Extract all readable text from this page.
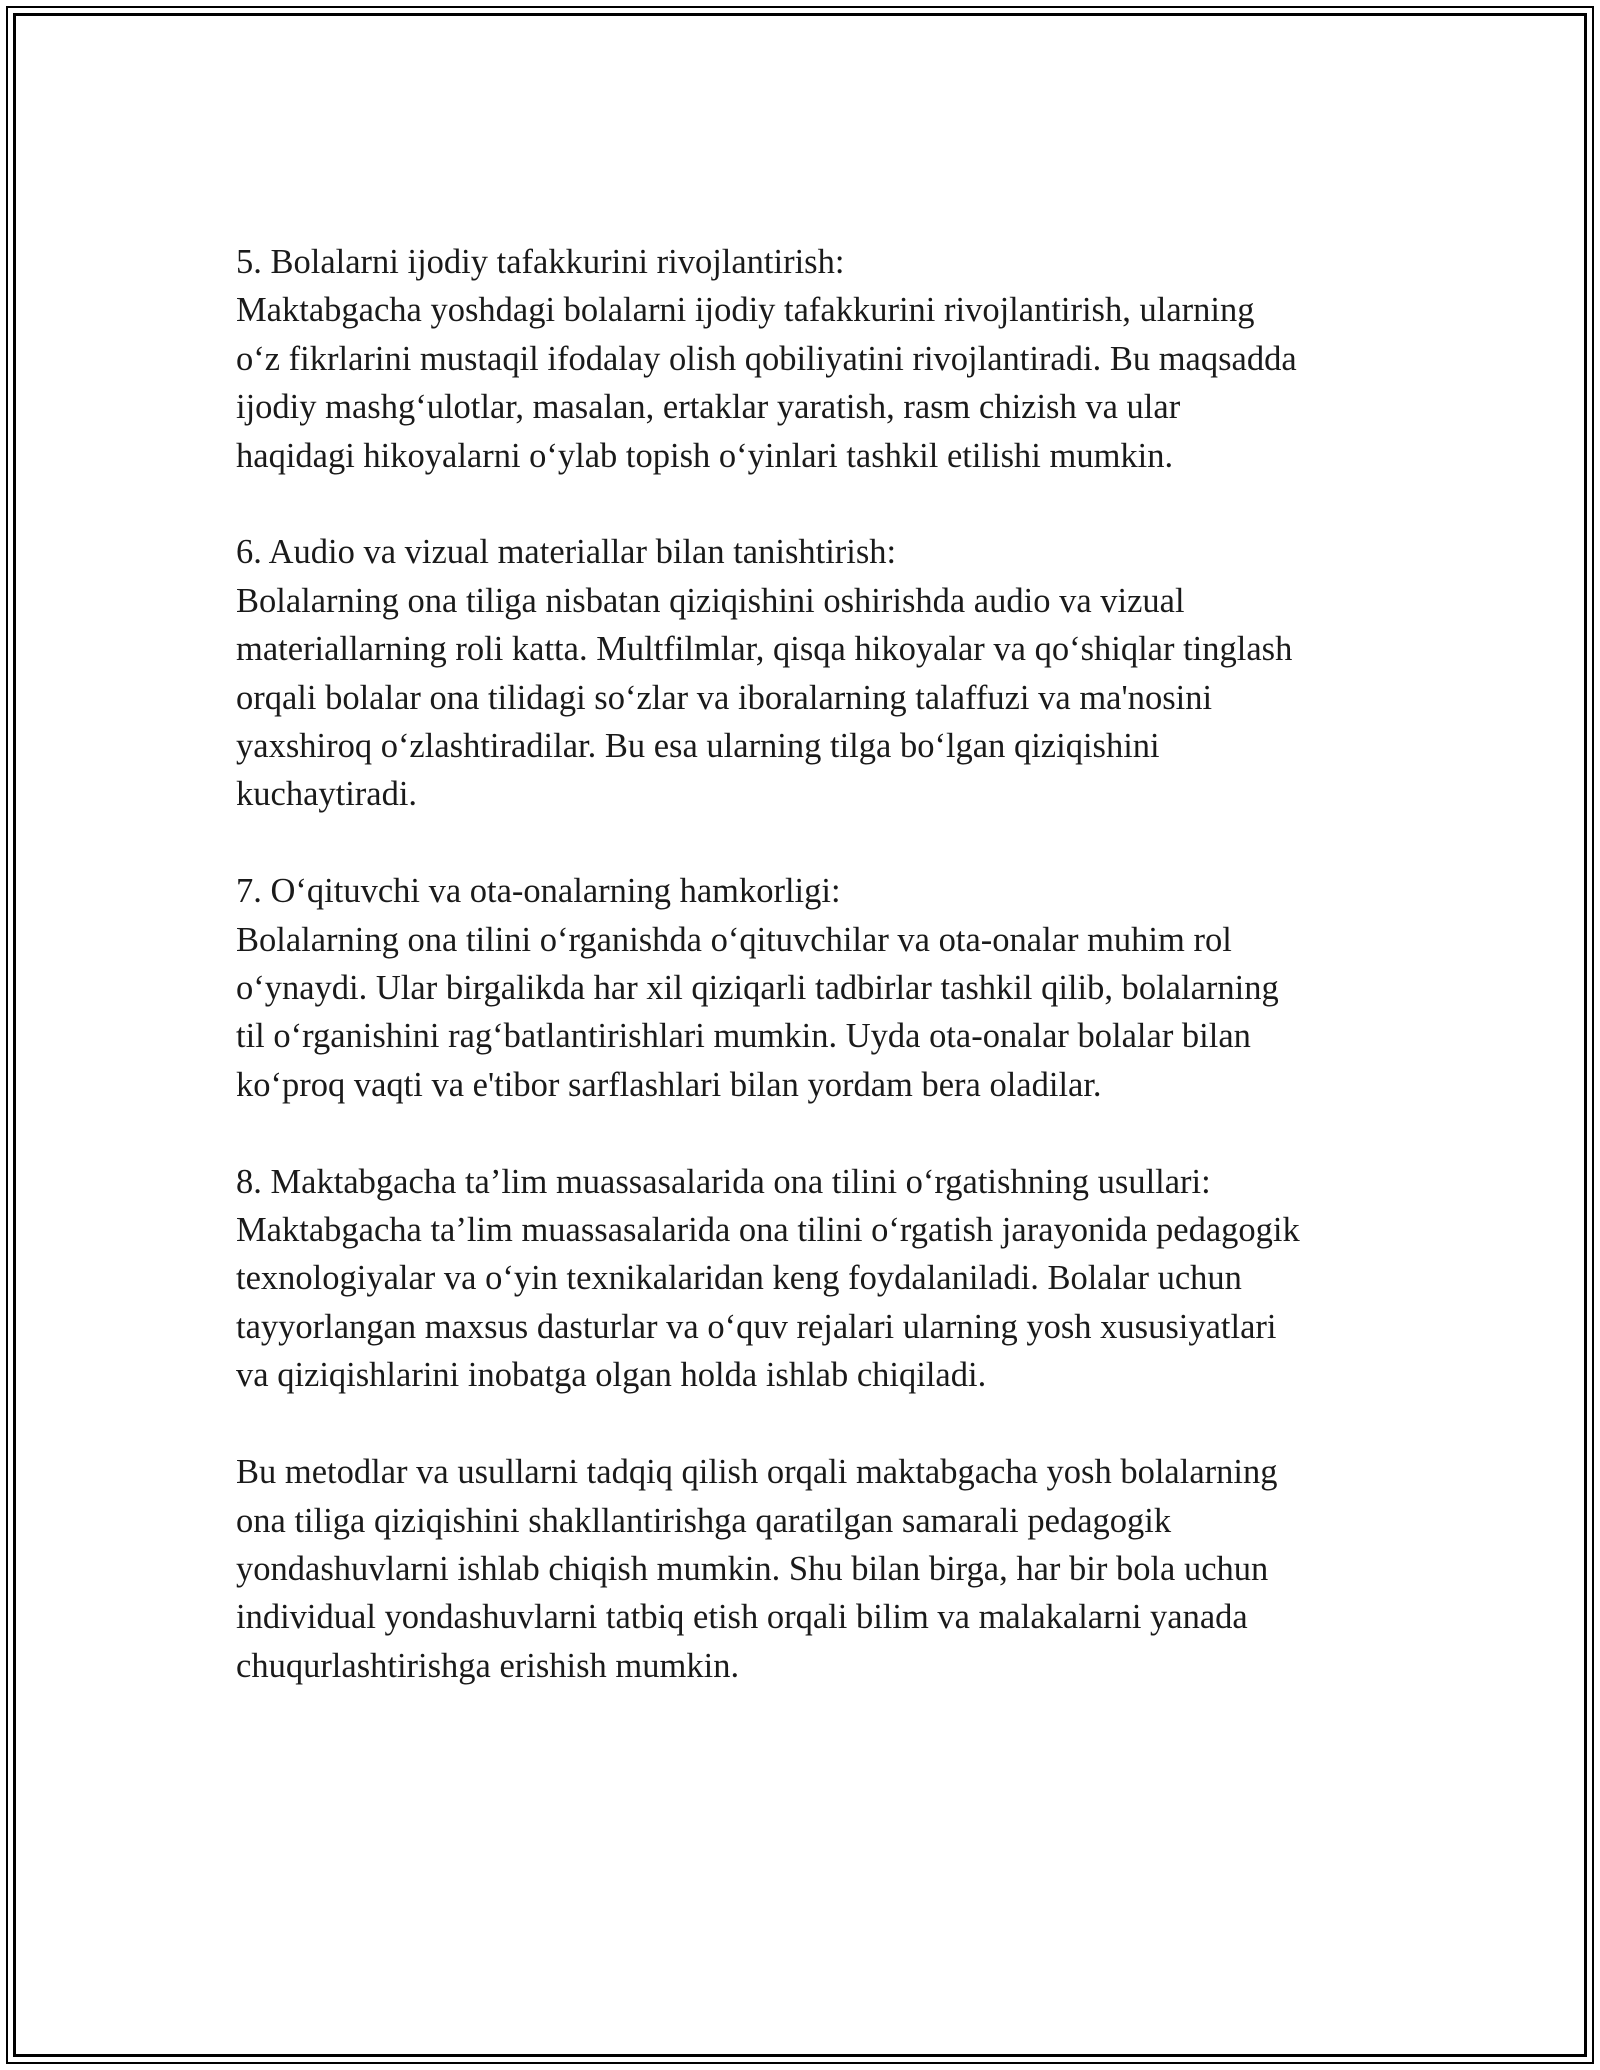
5. Bolalarni ijodiy tafakkurini rivojlantirish:

Maktabgacha yoshdagi bolalarni ijodiy tafakkurini rivojlantirish, ularning

o‘z fikrlarini mustaqil ifodalay olish qobiliyatini rivojlantiradi. Bu maqsadda

ijodiy mashg‘ulotlar, masalan, ertaklar yaratish, rasm chizish va ular

haqidagi hikoyalarni o‘ylab topish o‘yinlari tashkil etilishi mumkin.

6. Audio va vizual materiallar bilan tanishtirish:

Bolalarning ona tiliga nisbatan qiziqishini oshirishda audio va vizual

materiallarning roli katta. Multfilmlar, qisqa hikoyalar va qo‘shiqlar tinglash

orqali bolalar ona tilidagi so‘zlar va iboralarning talaffuzi va ma'nosini

yaxshiroq o‘zlashtiradilar. Bu esa ularning tilga bo‘lgan qiziqishini

kuchaytiradi.

7. O‘qituvchi va ota-onalarning hamkorligi:

Bolalarning ona tilini o‘rganishda o‘qituvchilar va ota-onalar muhim rol

o‘ynaydi. Ular birgalikda har xil qiziqarli tadbirlar tashkil qilib, bolalarning

til o‘rganishini rag‘batlantirishlari mumkin. Uyda ota-onalar bolalar bilan

ko‘proq vaqti va e'tibor sarflashlari bilan yordam bera oladilar.

8. Maktabgacha ta’lim muassasalarida ona tilini o‘rgatishning usullari:

Maktabgacha ta’lim muassasalarida ona tilini o‘rgatish jarayonida pedagogik

texnologiyalar va o‘yin texnikalaridan keng foydalaniladi. Bolalar uchun

tayyorlangan maxsus dasturlar va o‘quv rejalari ularning yosh xususiyatlari

va qiziqishlarini inobatga olgan holda ishlab chiqiladi.

Bu metodlar va usullarni tadqiq qilish orqali maktabgacha yosh bolalarning

ona tiliga qiziqishini shakllantirishga qaratilgan samarali pedagogik

yondashuvlarni ishlab chiqish mumkin. Shu bilan birga, har bir bola uchun

individual yondashuvlarni tatbiq etish orqali bilim va malakalarni yanada

chuqurlashtirishga erishish mumkin.
